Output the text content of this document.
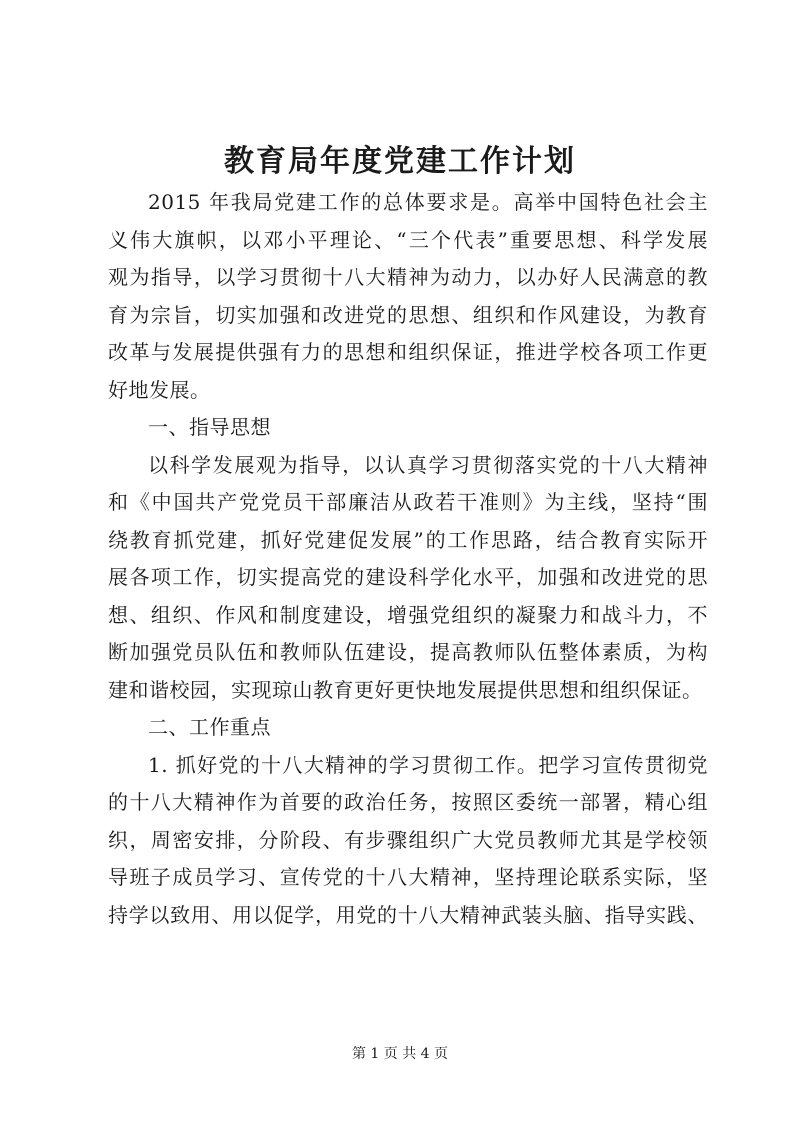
教育局年度党建工作计划
2015 年我局党建工作的总体要求是。高举中国特色社会主
义伟大旗帜，以邓小平理论、“三个代表”重要思想、科学发展
观为指导，以学习贯彻十八大精神为动力，以办好人民满意的教
育为宗旨，切实加强和改进党的思想、组织和作风建设，为教育
改革与发展提供强有力的思想和组织保证，推进学校各项工作更
好地发展。
一、指导思想
以科学发展观为指导，以认真学习贯彻落实党的十八大精神
和《中国共产党党员干部廉洁从政若干准则》为主线，坚持“围
绕教育抓党建，抓好党建促发展”的工作思路，结合教育实际开
展各项工作，切实提高党的建设科学化水平，加强和改进党的思
想、组织、作风和制度建设，增强党组织的凝聚力和战斗力，不
断加强党员队伍和教师队伍建设，提高教师队伍整体素质，为构
建和谐校园，实现琼山教育更好更快地发展提供思想和组织保证。
二、工作重点
1. 抓好党的十八大精神的学习贯彻工作。把学习宣传贯彻党
的十八大精神作为首要的政治任务，按照区委统一部署，精心组
织，周密安排，分阶段、有步骤组织广大党员教师尤其是学校领
导班子成员学习、宣传党的十八大精神，坚持理论联系实际，坚
持学以致用、用以促学，用党的十八大精神武装头脑、指导实践、
第 1 页 共 4 页
